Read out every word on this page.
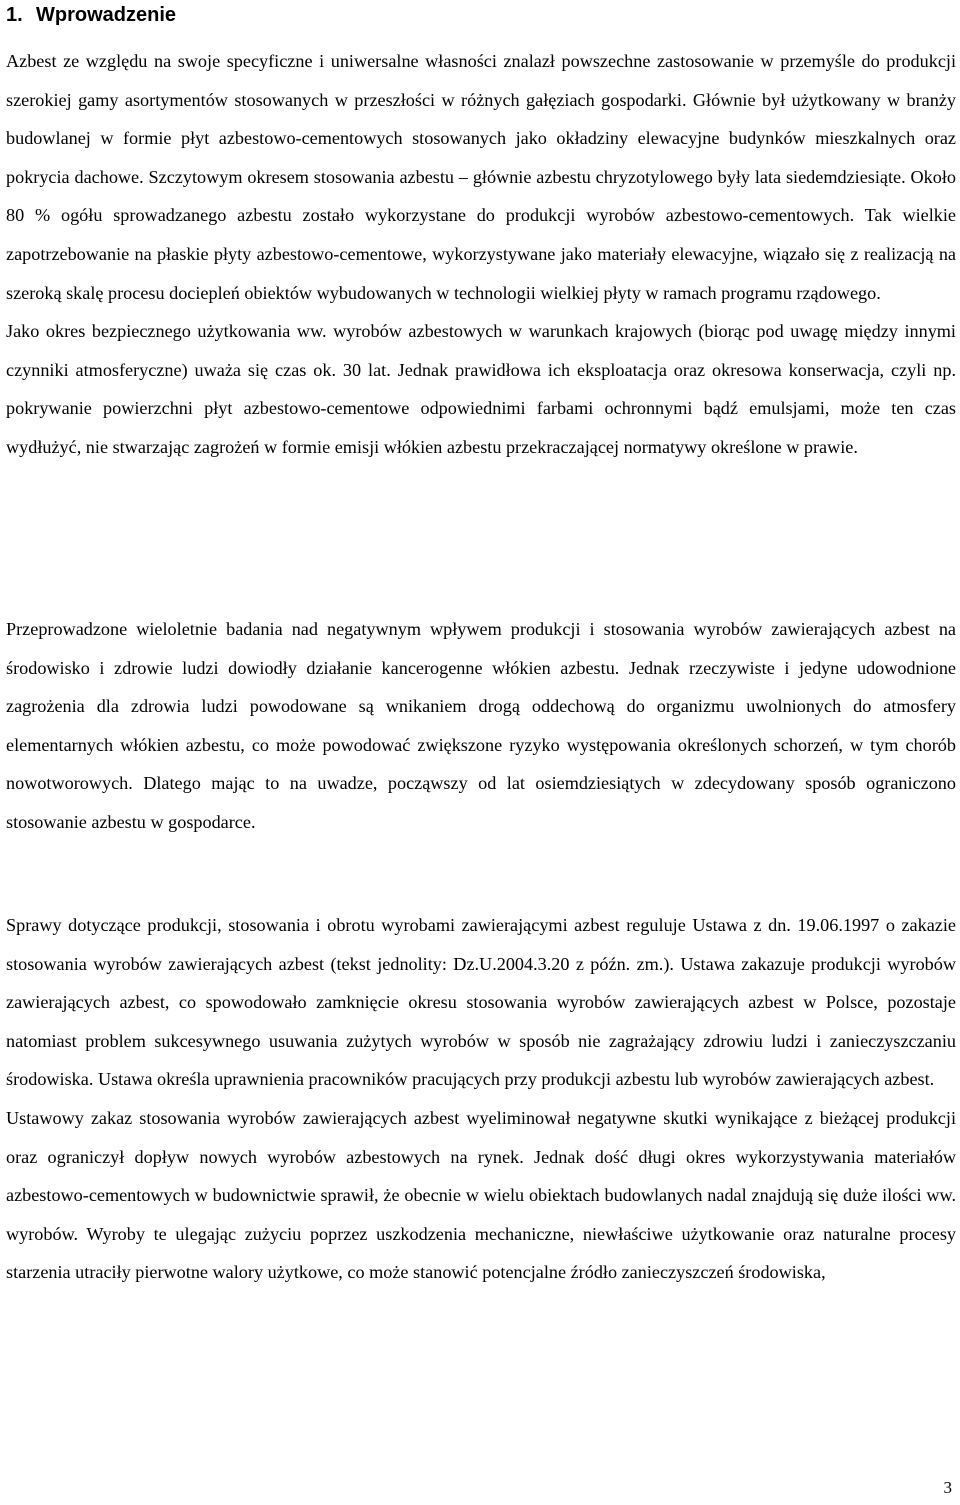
1. Wprowadzenie

Azbest ze względu na swoje specyficzne i uniwersalne własności znalazł powszechne zastosowanie w przemyśle do produkcji szerokiej gamy asortymentów stosowanych w przeszłości w różnych gałęziach gospodarki. Głównie był użytkowany w branży budowlanej w formie płyt azbestowo-cementowych stosowanych jako okładziny elewacyjne budynków mieszkalnych oraz pokrycia dachowe. Szczytowym okresem stosowania azbestu – głównie azbestu chryzotylowego były lata siedemdziesiąte. Około 80 % ogółu sprowadzanego azbestu zostało wykorzystane do produkcji wyrobów azbestowo-cementowych. Tak wielkie zapotrzebowanie na płaskie płyty azbestowo-cementowe, wykorzystywane jako materiały elewacyjne, wiązało się z realizacją na szeroką skalę procesu dociepleń obiektów wybudowanych w technologii wielkiej płyty w ramach programu rządowego.

Jako okres bezpiecznego użytkowania ww. wyrobów azbestowych w warunkach krajowych (biorąc pod uwagę między innymi czynniki atmosferyczne) uważa się czas ok. 30 lat. Jednak prawidłowa ich eksploatacja oraz okresowa konserwacja, czyli np. pokrywanie powierzchni płyt azbestowo-cementowe odpowiednimi farbami ochronnymi bądź emulsjami, może ten czas wydłużyć, nie stwarzając zagrożeń w formie emisji włókien azbestu przekraczającej normatywy określone w prawie.

Przeprowadzone wieloletnie badania nad negatywnym wpływem produkcji i stosowania wyrobów zawierających azbest na środowisko i zdrowie ludzi dowiodły działanie kancerogenne włókien azbestu. Jednak rzeczywiste i jedyne udowodnione zagrożenia dla zdrowia ludzi powodowane są wnikaniem drogą oddechową do organizmu uwolnionych do atmosfery elementarnych włókien azbestu, co może powodować zwiększone ryzyko występowania określonych schorzeń, w tym chorób nowotworowych. Dlatego mając to na uwadze, począwszy od lat osiemdziesiątych w zdecydowany sposób ograniczono stosowanie azbestu w gospodarce.

Sprawy dotyczące produkcji, stosowania i obrotu wyrobami zawierającymi azbest reguluje Ustawa z dn. 19.06.1997 o zakazie stosowania wyrobów zawierających azbest (tekst jednolity: Dz.U.2004.3.20 z późn. zm.). Ustawa zakazuje produkcji wyrobów zawierających azbest, co spowodowało zamknięcie okresu stosowania wyrobów zawierających azbest w Polsce, pozostaje natomiast problem sukcesywnego usuwania zużytych wyrobów w sposób nie zagrażający zdrowiu ludzi i zanieczyszczaniu środowiska. Ustawa określa uprawnienia pracowników pracujących przy produkcji azbestu lub wyrobów zawierających azbest.

Ustawowy zakaz stosowania wyrobów zawierających azbest wyeliminował negatywne skutki wynikające z bieżącej produkcji oraz ograniczył dopływ nowych wyrobów azbestowych na rynek. Jednak dość długi okres wykorzystywania materiałów azbestowo-cementowych w budownictwie sprawił, że obecnie w wielu obiektach budowlanych nadal znajdują się duże ilości ww. wyrobów. Wyroby te ulegając zużyciu poprzez uszkodzenia mechaniczne, niewłaściwe użytkowanie oraz naturalne procesy starzenia utraciły pierwotne walory użytkowe, co może stanowić potencjalne źródło zanieczyszczeń środowiska,

3
